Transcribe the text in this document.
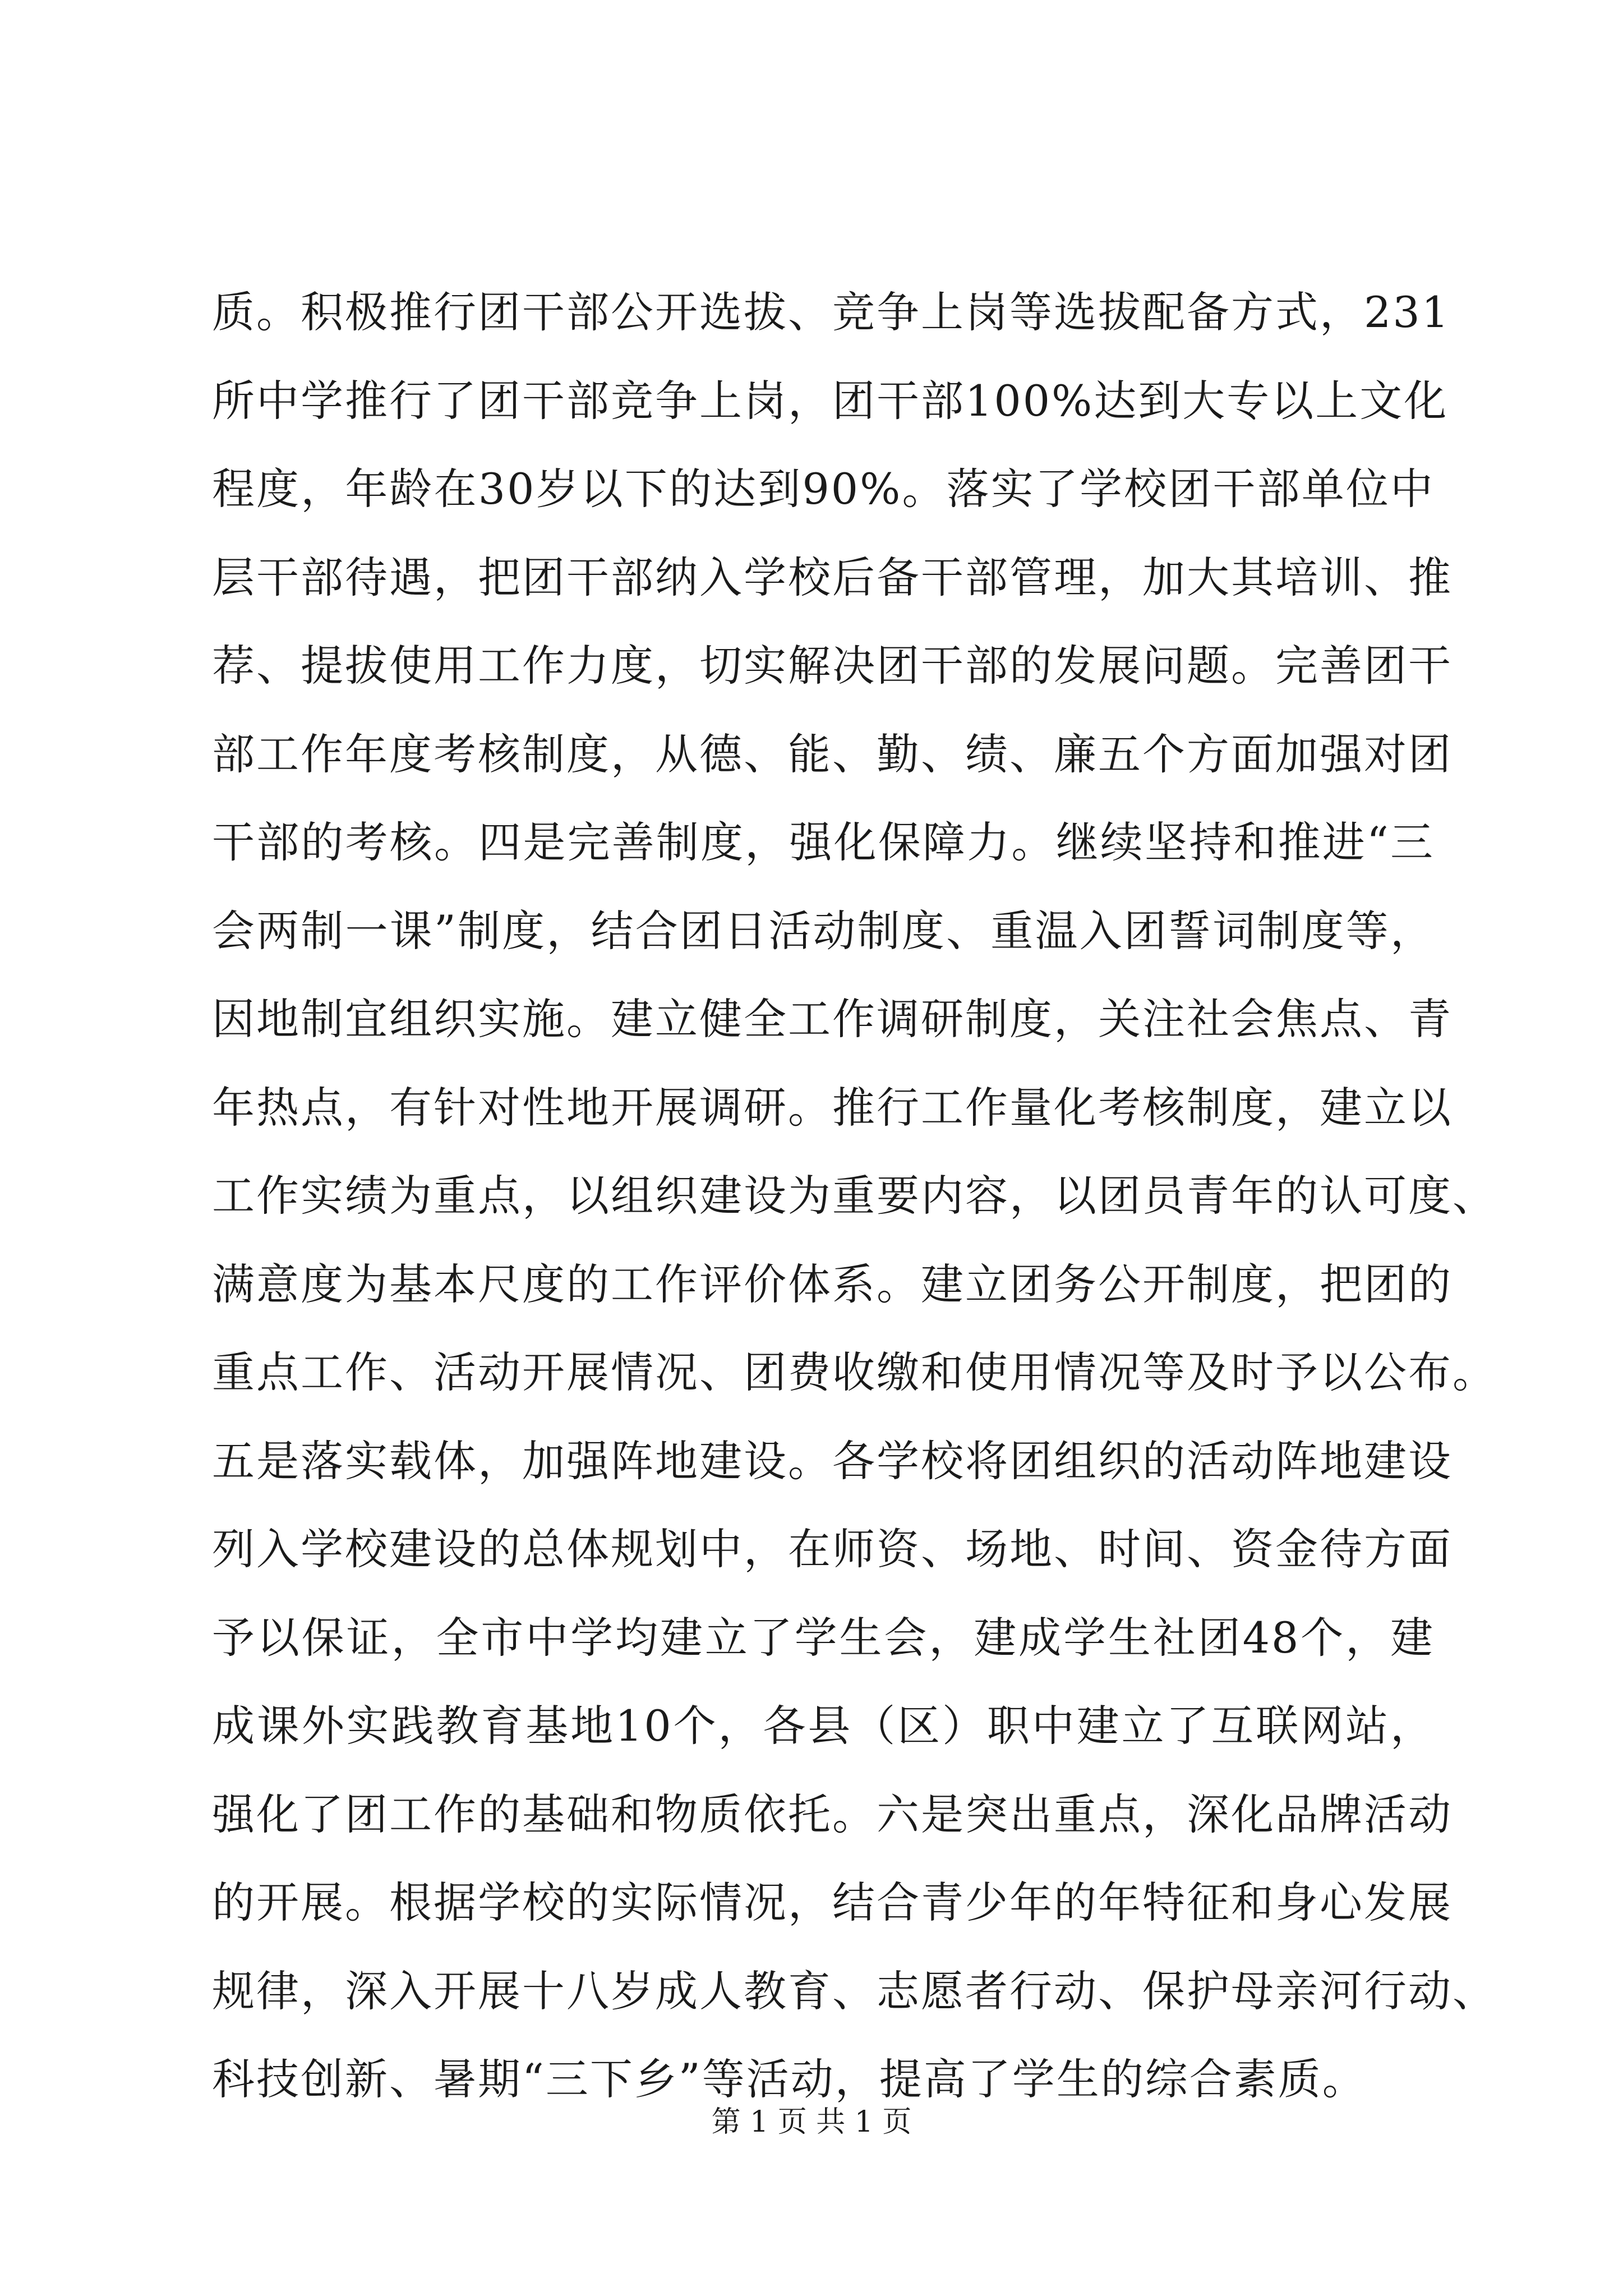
质。积极推行团干部公开选拔、竞争上岗等选拔配备方式，231
所中学推行了团干部竞争上岗，团干部100%达到大专以上文化
程度，年龄在30岁以下的达到90%。落实了学校团干部单位中
层干部待遇，把团干部纳入学校后备干部管理，加大其培训、推
荐、提拔使用工作力度，切实解决团干部的发展问题。完善团干
部工作年度考核制度，从德、能、勤、绩、廉五个方面加强对团
干部的考核。四是完善制度，强化保障力。继续坚持和推进“三
会两制一课”制度，结合团日活动制度、重温入团誓词制度等，
因地制宜组织实施。建立健全工作调研制度，关注社会焦点、青
年热点，有针对性地开展调研。推行工作量化考核制度，建立以
工作实绩为重点，以组织建设为重要内容，以团员青年的认可度、
满意度为基本尺度的工作评价体系。建立团务公开制度，把团的
重点工作、活动开展情况、团费收缴和使用情况等及时予以公布。
五是落实载体，加强阵地建设。各学校将团组织的活动阵地建设
列入学校建设的总体规划中，在师资、场地、时间、资金待方面
予以保证，全市中学均建立了学生会，建成学生社团48个，建
成课外实践教育基地10个，各县（区）职中建立了互联网站，
强化了团工作的基础和物质依托。六是突出重点，深化品牌活动
的开展。根据学校的实际情况，结合青少年的年特征和身心发展
规律，深入开展十八岁成人教育、志愿者行动、保护母亲河行动、
科技创新、暑期“三下乡”等活动，提高了学生的综合素质。
第 1 页 共 1 页
